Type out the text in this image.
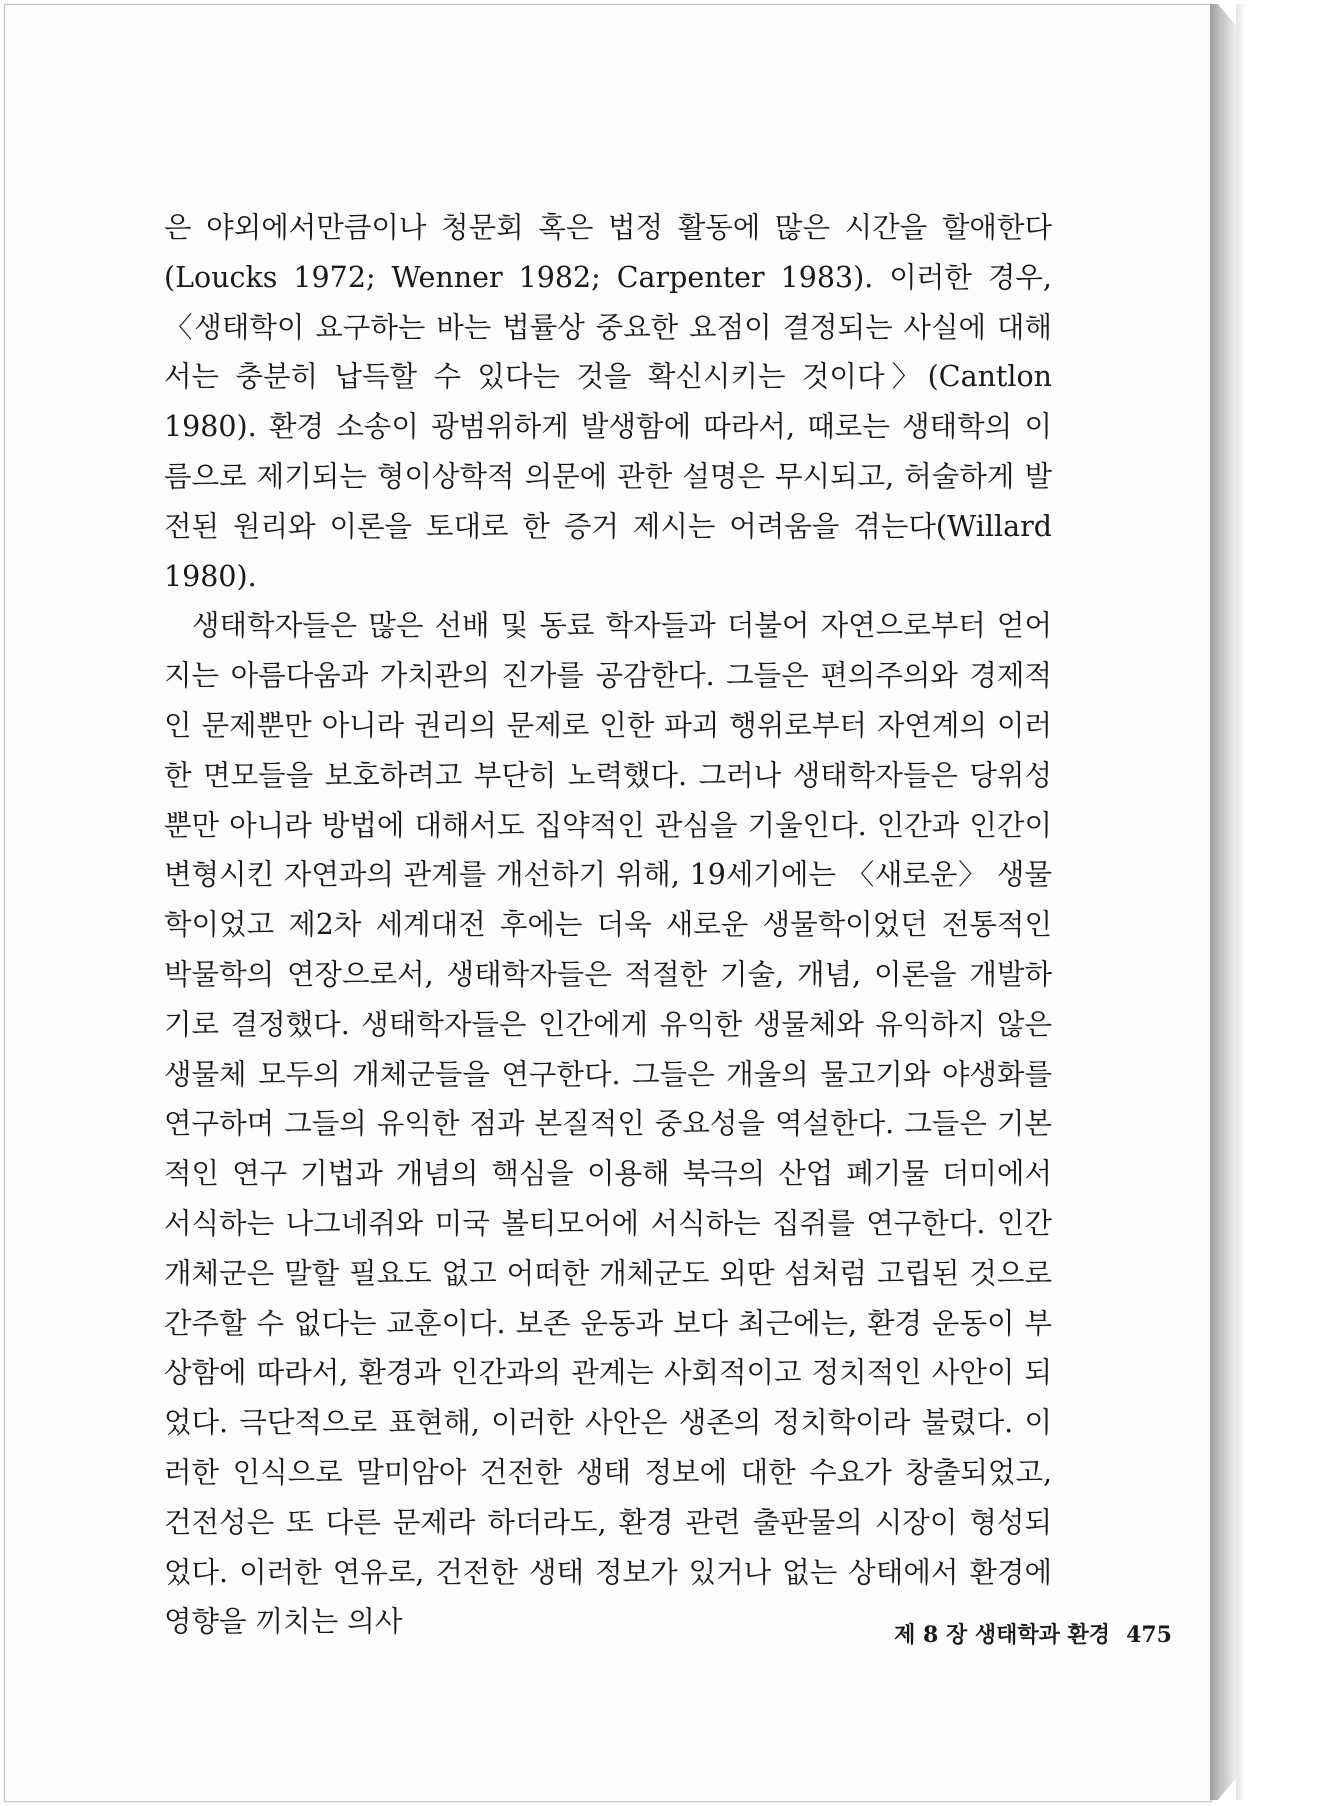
은 야외에서만큼이나 청문회 혹은 법정 활동에 많은 시간을 할애한다 (Loucks 1972; Wenner 1982; Carpenter 1983). 이러한 경우, 〈생태학이 요구하는 바는 법률상 중요한 요점이 결정되는 사실에 대해서는 충분히 납득할 수 있다는 것을 확신시키는 것이다〉(Cantlon 1980). 환경 소송이 광범위하게 발생함에 따라서, 때로는 생태학의 이름으로 제기되는 형이상학적 의문에 관한 설명은 무시되고, 허술하게 발전된 원리와 이론을 토대로 한 증거 제시는 어려움을 겪는다(Willard 1980).

생태학자들은 많은 선배 및 동료 학자들과 더불어 자연으로부터 얻어지는 아름다움과 가치관의 진가를 공감한다. 그들은 편의주의와 경제적인 문제뿐만 아니라 권리의 문제로 인한 파괴 행위로부터 자연계의 이러한 면모들을 보호하려고 부단히 노력했다. 그러나 생태학자들은 당위성뿐만 아니라 방법에 대해서도 집약적인 관심을 기울인다. 인간과 인간이 변형시킨 자연과의 관계를 개선하기 위해, 19세기에는 〈새로운〉 생물학이었고 제2차 세계대전 후에는 더욱 새로운 생물학이었던 전통적인 박물학의 연장으로서, 생태학자들은 적절한 기술, 개념, 이론을 개발하기로 결정했다. 생태학자들은 인간에게 유익한 생물체와 유익하지 않은 생물체 모두의 개체군들을 연구한다. 그들은 개울의 물고기와 야생화를 연구하며 그들의 유익한 점과 본질적인 중요성을 역설한다. 그들은 기본적인 연구 기법과 개념의 핵심을 이용해 북극의 산업 폐기물 더미에서 서식하는 나그네쥐와 미국 볼티모어에 서식하는 집쥐를 연구한다. 인간 개체군은 말할 필요도 없고 어떠한 개체군도 외딴 섬처럼 고립된 것으로 간주할 수 없다는 교훈이다. 보존 운동과 보다 최근에는, 환경 운동이 부상함에 따라서, 환경과 인간과의 관계는 사회적이고 정치적인 사안이 되었다. 극단적으로 표현해, 이러한 사안은 생존의 정치학이라 불렸다. 이러한 인식으로 말미암아 건전한 생태 정보에 대한 수요가 창출되었고, 건전성은 또 다른 문제라 하더라도, 환경 관련 출판물의 시장이 형성되었다. 이러한 연유로, 건전한 생태 정보가 있거나 없는 상태에서 환경에 영향을 끼치는 의사	제 8 장 생태학과 환경 475
